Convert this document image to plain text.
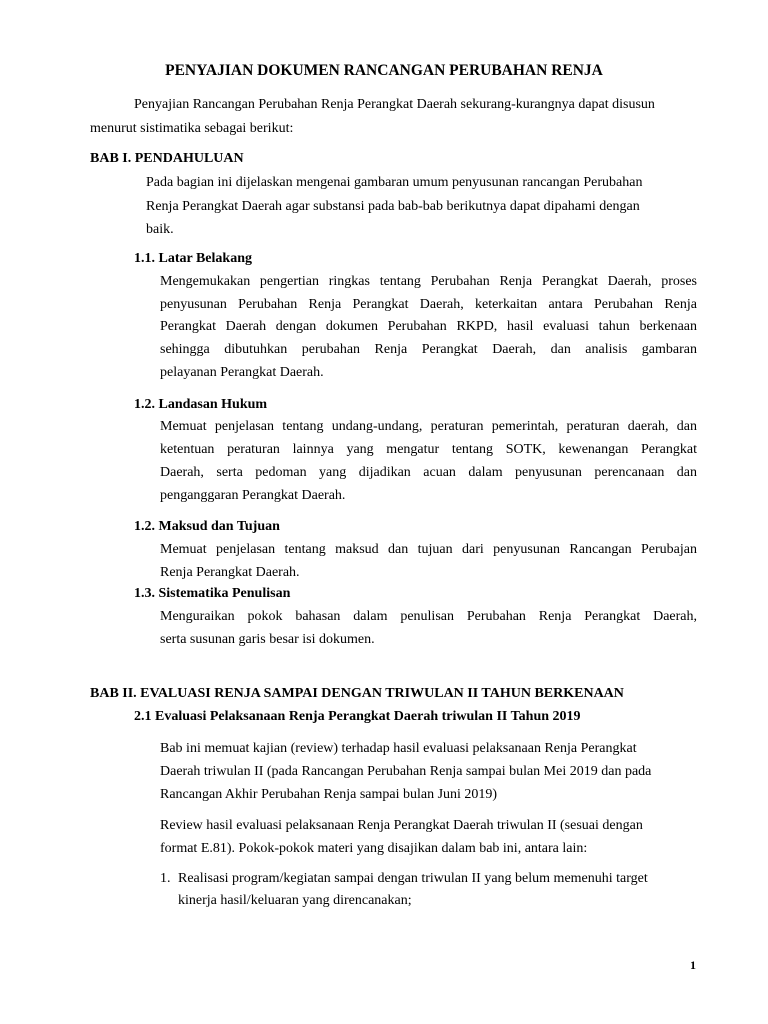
PENYAJIAN DOKUMEN RANCANGAN PERUBAHAN RENJA
Penyajian Rancangan Perubahan Renja Perangkat Daerah sekurang-kurangnya dapat disusun
menurut sistimatika sebagai berikut:
BAB I. PENDAHULUAN
Pada bagian ini dijelaskan mengenai gambaran umum penyusunan rancangan Perubahan
Renja Perangkat Daerah agar substansi pada bab-bab berikutnya dapat dipahami dengan
baik.
1.1. Latar Belakang
Mengemukakan pengertian ringkas tentang Perubahan Renja Perangkat Daerah, proses
penyusunan Perubahan Renja Perangkat Daerah, keterkaitan antara Perubahan Renja
Perangkat Daerah dengan dokumen Perubahan RKPD, hasil evaluasi tahun berkenaan
sehingga dibutuhkan perubahan Renja Perangkat Daerah, dan analisis gambaran
pelayanan Perangkat Daerah.
1.2. Landasan Hukum
Memuat penjelasan tentang undang-undang, peraturan pemerintah, peraturan daerah, dan
ketentuan peraturan lainnya yang mengatur tentang SOTK, kewenangan Perangkat
Daerah, serta pedoman yang dijadikan acuan dalam penyusunan perencanaan dan
penganggaran Perangkat Daerah.
1.2. Maksud dan Tujuan
Memuat penjelasan tentang maksud dan tujuan dari penyusunan Rancangan Perubajan
Renja Perangkat Daerah.
1.3. Sistematika Penulisan
Menguraikan pokok bahasan dalam penulisan Perubahan Renja Perangkat Daerah,
serta susunan garis besar isi dokumen.
BAB II. EVALUASI RENJA SAMPAI DENGAN TRIWULAN II TAHUN BERKENAAN
2.1 Evaluasi Pelaksanaan Renja Perangkat Daerah triwulan II Tahun 2019
Bab ini memuat kajian (review) terhadap hasil evaluasi pelaksanaan Renja Perangkat
Daerah triwulan II (pada Rancangan Perubahan Renja sampai bulan Mei 2019 dan pada
Rancangan Akhir Perubahan Renja sampai bulan Juni 2019)
Review hasil evaluasi pelaksanaan Renja Perangkat Daerah triwulan II (sesuai dengan
format E.81). Pokok-pokok materi yang disajikan dalam bab ini, antara lain:
1. Realisasi program/kegiatan sampai dengan triwulan II yang belum memenuhi target
kinerja hasil/keluaran yang direncanakan;
1
